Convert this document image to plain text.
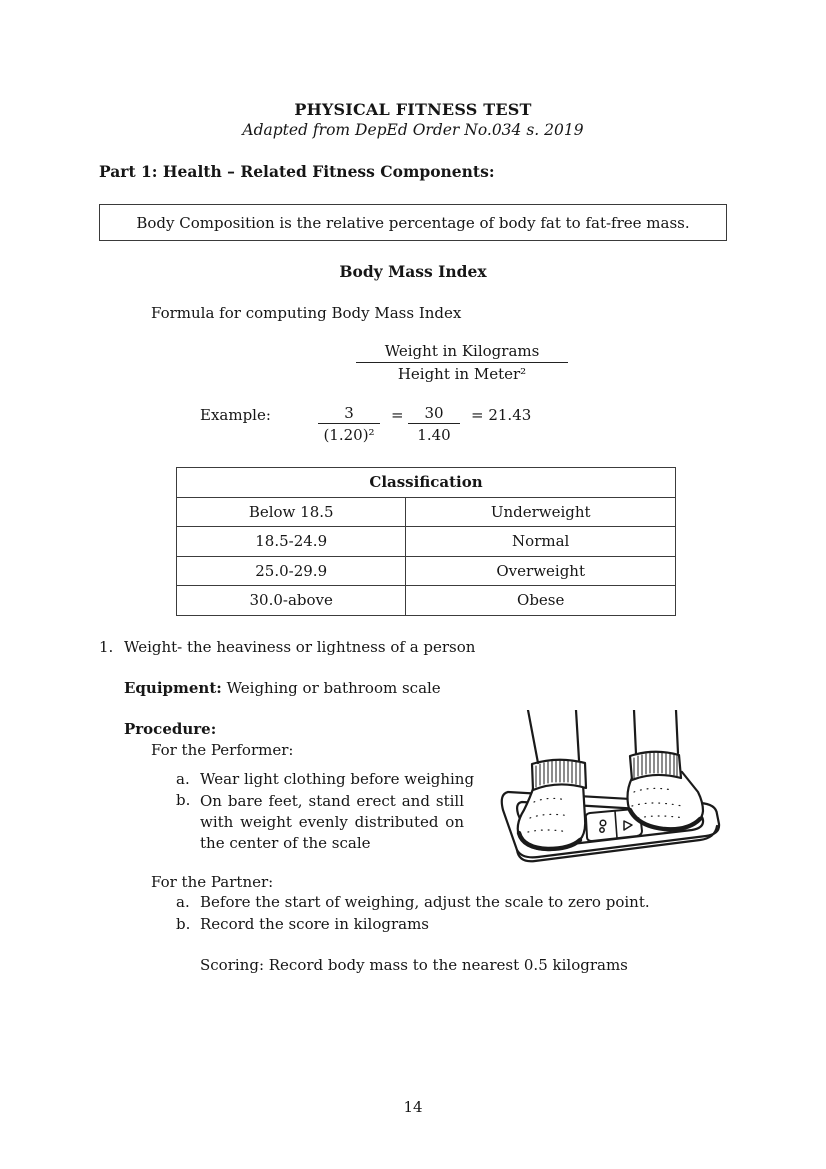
PHYSICAL FITNESS TEST
Adapted from DepEd Order No.034 s. 2019
Part 1: Health – Related Fitness Components:
Body Composition is the relative percentage of body fat to fat-free mass.
Body Mass Index
Formula for computing Body Mass Index
Weight in Kilograms
Height in Meter²
Example:	$\frac{3}{\text{(1.20)²}} = \frac{30}{1.40} = 21.43$
Classification	
Below 18.5	Underweight
18.5-24.9	Normal
25.0-29.9	Overweight
30.0-above	Obese
1. Weight- the heaviness or lightness of a person
Equipment: Weighing or bathroom scale
Procedure:
For the Performer:
a. Wear light clothing before weighing
b. On bare feet, stand erect and still with weight evenly distributed on the center of the scale
For the Partner:
a. Before the start of weighing, adjust the scale to zero point.
b. Record the score in kilograms
Scoring: Record body mass to the nearest 0.5 kilograms
14
